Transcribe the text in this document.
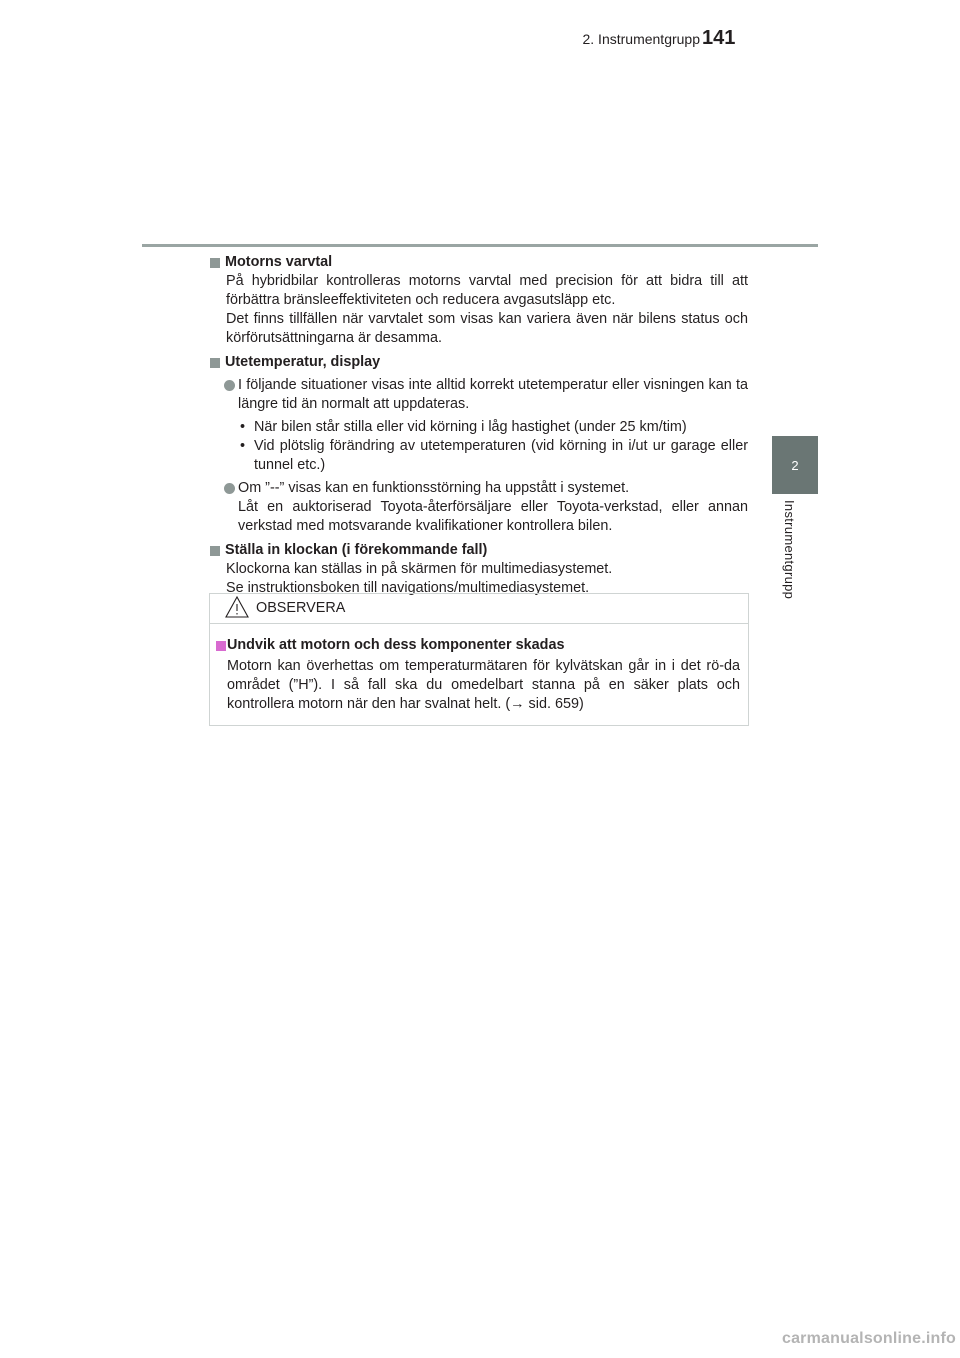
2. Instrumentgrupp 141
2
Instrumentgrupp
Motorns varvtal

På hybridbilar kontrolleras motorns varvtal med precision för att bidra till att förbättra bränsleeffektiviteten och reducera avgasutsläpp etc.

Det finns tillfällen när varvtalet som visas kan variera även när bilens status och körförutsättningarna är desamma.

Utetemperatur, display
I följande situationer visas inte alltid korrekt utetemperatur eller visningen kan ta längre tid än normalt att uppdateras.
• När bilen står stilla eller vid körning i låg hastighet (under 25 km/tim)
• Vid plötslig förändring av utetemperaturen (vid körning in i/ut ur garage eller tunnel etc.)
Om ”--” visas kan en funktionsstörning ha uppstått i systemet.
Låt en auktoriserad Toyota-återförsäljare eller Toyota-verkstad, eller annan verkstad med motsvarande kvalifikationer kontrollera bilen.
Ställa in klockan (i förekommande fall)

Klockorna kan ställas in på skärmen för multimediasystemet.

Se instruktionsboken till navigations/multimediasystemet.

OBSERVERA
Undvik att motorn och dess komponenter skadas
Motorn kan överhettas om temperaturmätaren för kylvätskan går in i det rö-da området (”H”). I så fall ska du omedelbart stanna på en säker plats och kontrollera motorn när den har svalnat helt. (→ sid. 659)
carmanualsonline.info
